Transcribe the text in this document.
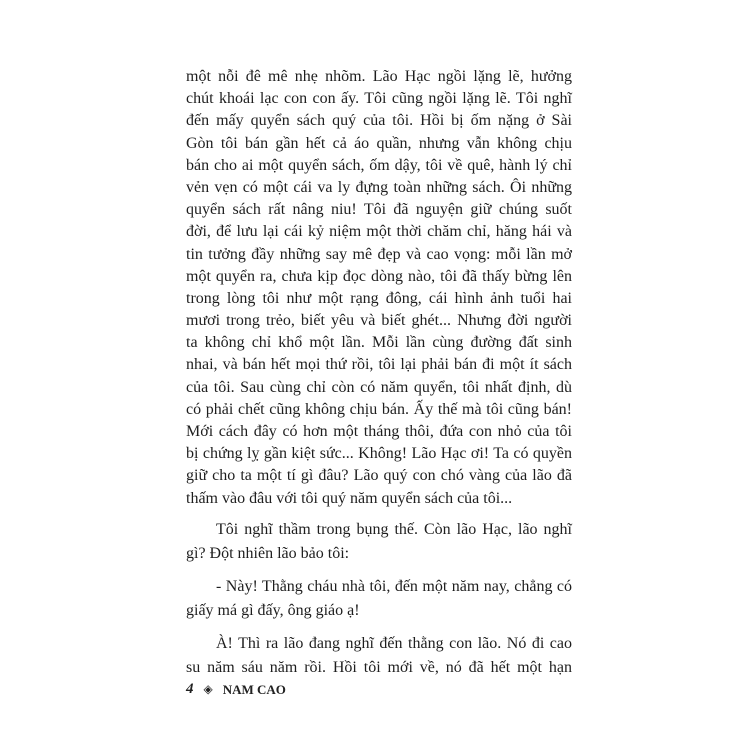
một nỗi đê mê nhẹ nhõm. Lão Hạc ngồi lặng lẽ, hưởng
chút khoái lạc con con ấy. Tôi cũng ngồi lặng lẽ. Tôi nghĩ
đến mấy quyển sách quý của tôi. Hồi bị ốm nặng ở Sài
Gòn tôi bán gần hết cả áo quần, nhưng vẫn không chịu
bán cho ai một quyển sách, ốm dậy, tôi về quê, hành lý chỉ
vẻn vẹn có một cái va ly đựng toàn những sách. Ôi những
quyển sách rất nâng niu! Tôi đã nguyện giữ chúng suốt
đời, để lưu lại cái kỷ niệm một thời chăm chỉ, hăng hái và
tin tưởng đầy những say mê đẹp và cao vọng: mỗi lần mở
một quyển ra, chưa kịp đọc dòng nào, tôi đã thấy bừng lên
trong lòng tôi như một rạng đông, cái hình ảnh tuổi hai
mươi trong trẻo, biết yêu và biết ghét... Nhưng đời người
ta không chỉ khổ một lần. Mỗi lần cùng đường đất sinh
nhai, và bán hết mọi thứ rồi, tôi lại phải bán đi một ít sách
của tôi. Sau cùng chỉ còn có năm quyển, tôi nhất định, dù
có phải chết cũng không chịu bán. Ấy thế mà tôi cũng bán!
Mới cách đây có hơn một tháng thôi, đứa con nhỏ của tôi
bị chứng lỵ gần kiệt sức... Không! Lão Hạc ơi! Ta có quyền
giữ cho ta một tí gì đâu? Lão quý con chó vàng của lão đã
thấm vào đâu với tôi quý năm quyển sách của tôi...
Tôi nghĩ thầm trong bụng thế. Còn lão Hạc, lão nghĩ
gì? Đột nhiên lão bảo tôi:
- Này! Thằng cháu nhà tôi, đến một năm nay, chẳng có
giấy má gì đấy, ông giáo ạ!
À! Thì ra lão đang nghĩ đến thằng con lão. Nó đi cao
su năm sáu năm rồi. Hồi tôi mới về, nó đã hết một hạn
4 ◈ NAM CAO
